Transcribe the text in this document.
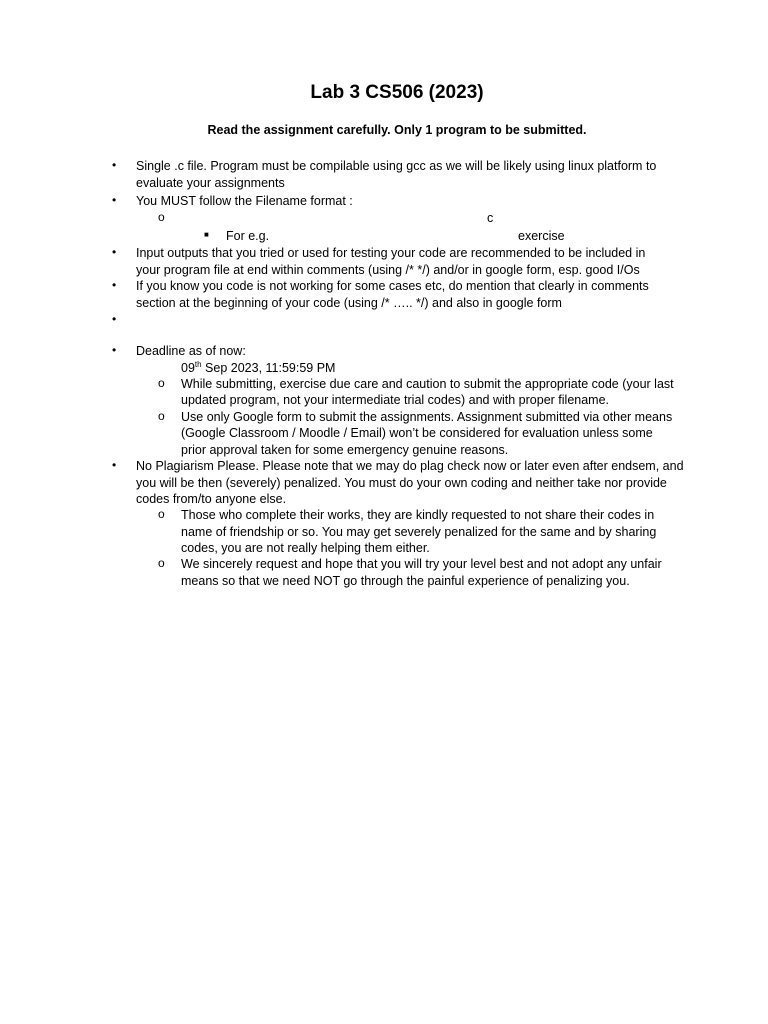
Lab 3 CS506 (2023)
Read the assignment carefully. Only 1 program to be submitted.
• Single .c file. Program must be compilable using gcc as we will be likely using linux platform to
evaluate your assignments
• You MUST follow the Filename format :
o	c
■ For e.g.	exercise
• Input outputs that you tried or used for testing your code are recommended to be included in
your program file at end within comments (using /* */) and/or in google form, esp. good I/Os
• If you know you code is not working for some cases etc, do mention that clearly in comments
section at the beginning of your code (using /* ….. */) and also in google form
•
• Deadline as of now:
09th Sep 2023, 11:59:59 PM
o While submitting, exercise due care and caution to submit the appropriate code (your last
updated program, not your intermediate trial codes) and with proper filename.
o Use only Google form to submit the assignments. Assignment submitted via other means
(Google Classroom / Moodle / Email) won’t be considered for evaluation unless some
prior approval taken for some emergency genuine reasons.
• No Plagiarism Please. Please note that we may do plag check now or later even after endsem, and
you will be then (severely) penalized. You must do your own coding and neither take nor provide
codes from/to anyone else.
o Those who complete their works, they are kindly requested to not share their codes in
name of friendship or so. You may get severely penalized for the same and by sharing
codes, you are not really helping them either.
o We sincerely request and hope that you will try your level best and not adopt any unfair
means so that we need NOT go through the painful experience of penalizing you.
